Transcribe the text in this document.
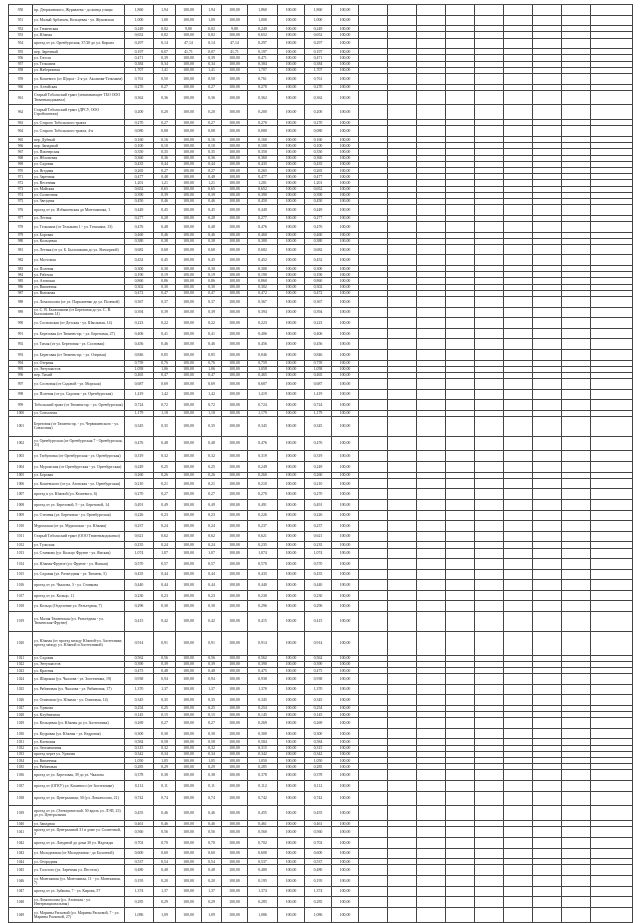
950	пр. Дзержинского, Журавлева - до конца улицы	1,860	1,94	100,00	1,94	100,00	1,860	100,00	1,860	100,00									
951	ул. Малый Арбатьев, Кольцевая - ул. Жуковская	1,000	1,00	100,00	1,00	100,00	1,000	100,00	1,000	100,00									
952	ул. Тюменская	0,249	0,02	9,80	0,02	9,80	0,249	100,00	0,249	100,00									
953	ул. Южная	0,652	0,82	100,00	0,82	100,00	0,652	100,00	0,652	100,00									
954	проезд от ул. Оренбургская, 37/20 до ул. Кирова	0,297	0,14	47,14	0,14	47,14	0,297	100,00	0,297	100,00									
955	пер. Заречный	0,197	0,07	41,71	0,07	41,71	0,197	100,00	0,197	100,00									
956	ул. Гоголя	0,471	0,39	100,00	0,39	100,00	0,471	100,00	0,471	100,00									
957	ул. Тельмана	0,384	0,34	100,00	0,34	100,00	0,384	100,00	0,384	100,00									
958	ул. Набережная	1,707	1,41	100,00	1,41	100,00	1,707	100,00	1,707	100,00									
959	ул. Кошевого (от Щорса - 2-я ул. Аксакова-Тельмана)	0,761	0,50	100,00	0,50	100,00	0,761	100,00	0,761	100,00									
960	ул. Алтайская	0,270	0,27	100,00	0,27	100,00	0,270	100,00	0,270	100,00									
961	Старый Тобольский тракт (затягивающее ТБО ООО Тюменьводоканал)	0,362	0,36	100,00	0,36	100,00	0,362	100,00	0,362	100,00									
962	Старый Тобольский тракт (ДРСУ, ООО Строймонтаж)	0,200	0,20	100,00	0,20	100,00	0,200	100,00	0,200	100,00									
963	ул. Старого Тобольского тракта	0,270	0,27	100,00	0,27	100,00	0,270	100,00	0,270	100,00									
964	ул. Старого Тобольского тракта, 4-я	0,080	0,08	100,00	0,08	100,00	0,080	100,00	0,080	100,00									
965	пер. Дубный	0,160	0,16	100,00	0,16	100,00	0,160	100,00	0,160	100,00									
966	пер. Западный	0,100	0,10	100,00	0,10	100,00	0,100	100,00	0,100	100,00									
967	ул. Пионерская	0,350	0,35	100,00	0,35	100,00	0,350	100,00	0,350	100,00									
968	ул. Яблоневая	0,360	0,36	100,00	0,36	100,00	0,360	100,00	0,360	100,00									
969	ул. Садовая	0,435	0,44	100,00	0,44	100,00	0,435	100,00	0,435	100,00									
970	ул. Ягодная	0,265	0,27	100,00	0,27	100,00	0,265	100,00	0,265	100,00									
971	ул. Заречная	0,477	0,48	100,00	0,48	100,00	0,477	100,00	0,477	100,00									
972	ул. Весенняя	1,201	1,21	100,00	1,21	100,00	1,201	100,00	1,201	100,00									
973	ул. Майская	0,652	0,65	100,00	0,65	100,00	0,652	100,00	0,652	100,00									
974	ул. Солнечная	0,390	0,39	100,00	0,39	100,00	0,390	100,00	0,390	100,00									
975	ул. Звездная	0,450	0,46	100,00	0,46	100,00	0,450	100,00	0,450	100,00									
976	проезд от ул. Избышевская до Монтажника, 1	0,449	0,45	100,00	0,45	100,00	0,449	100,00	0,449	100,00									
977	ул. Лесная	0,277	0,28	100,00	0,28	100,00	0,277	100,00	0,277	100,00									
978	ул. Тельмана (от Тельмана 1 - ул. Тельмана, 13)	0,476	0,48	100,00	0,48	100,00	0,476	100,00	0,476	100,00									
979	ул. Боровая	0,460	0,46	100,00	0,46	100,00	0,460	100,00	0,460	100,00									
980	ул. Кольцевая	0,380	0,38	100,00	0,38	100,00	0,380	100,00	0,380	100,00									
981	ул. Летняя (от ул. Б. Былошкина до ул. Ясноорной)	0,682	0,68	100,00	0,68	100,00	0,682	100,00	0,682	100,00									
982	ул. Мостовая	0,452	0,45	100,00	0,45	100,00	0,452	100,00	0,452	100,00									
983	ул. Полевая	0,300	0,30	100,00	0,30	100,00	0,300	100,00	0,300	100,00									
984	ул. Рабочая	0,190	0,19	100,00	0,19	100,00	0,190	100,00	0,190	100,00									
985	ул. Азовская	0,860	0,86	100,00	0,86	100,00	0,860	100,00	0,860	100,00									
986	ул. Вишневая	0,302	0,30	100,00	0,30	100,00	0,302	100,00	0,302	100,00									
987	ул. Вьюжная	0,472	0,47	100,00	0,47	100,00	0,472	100,00	0,472	100,00									
988	ул. Ломоносова (от ул. Пархоменко до ул. Полевой)	0,367	0,37	100,00	0,37	100,00	0,367	100,00	0,367	100,00									
989	ул. С. В. Былошкина (от Березовая до ул. С. В. Былошкина 14)	0,394	0,39	100,00	0,39	100,00	0,394	100,00	0,394	100,00									
990	ул. Сосновская (от Детская - ул. Школьная, 14)	0,223	0,22	100,00	0,22	100,00	0,223	100,00	0,223	100,00									
991	ул. Березовая (от Тюмень-пр. - ул. Березовая, 27)	0,406	0,41	100,00	0,41	100,00	0,406	100,00	0,406	100,00									
992	ул. Тихая (от ул. Березовая - ул. Сосновая)	0,456	0,46	100,00	0,46	100,00	0,456	100,00	0,456	100,00									
993	ул. Береговая (от Тюмень-пр. - ул. Озерная)	0,846	0,85	100,00	0,85	100,00	0,846	100,00	0,846	100,00									
994	ул. Озерная	0,759	0,76	100,00	0,76	100,00	0,759	100,00	0,759	100,00									
995	ул. Энтузиастов	1,058	1,06	100,00	1,06	100,00	1,058	100,00	1,058	100,00									
996	пер. Тихий	0,465	0,47	100,00	0,47	100,00	0,465	100,00	0,465	100,00									
997	ул. Сосновая (от Садовой - ул. Морская)	0,687	0,69	100,00	0,69	100,00	0,687	100,00	0,687	100,00									
998	ул. Полевая (от ул. Садовая - ул. Оренбургская)	1,419	1,42	100,00	1,42	100,00	1,419	100,00	1,419	100,00									
999	Тобольский тракт (от Тюмень-пр. - ул. Оренбургская)	0,724	0,72	100,00	0,72	100,00	0,724	100,00	0,724	100,00									
1000	ул. Совхозная	1,179	1,18	100,00	1,18	100,00	1,179	100,00	1,179	100,00									
1001	Березовая (от Тюмень-пр. - ул. Червишевского - ул. Совхозная)	0,345	0,35	100,00	0,35	100,00	0,345	100,00	0,345	100,00									
1002	ул. Оренбургская (от Оренбургская 7 - Оренбургская, 21)	0,476	0,48	100,00	0,48	100,00	0,476	100,00	0,476	100,00									
1003	ул. Тюбуловка (от Оренбургская - ул. Оренбургская)	0,319	0,32	100,00	0,32	100,00	0,319	100,00	0,319	100,00									
1004	ул. Муромская (от Оренбургская - ул. Оренбургская)	0,249	0,25	100,00	0,25	100,00	0,249	100,00	0,249	100,00									
1005	ул. Боровая	0,260	0,26	100,00	0,26	100,00	0,260	100,00	0,260	100,00									
1006	ул. Кошевского (от ул. Азовская - ул. Оренбургская)	0,210	0,21	100,00	0,21	100,00	0,210	100,00	0,210	100,00									
1007	проезд к ул. Южной (ул. Кошевого, 6)	0,270	0,27	100,00	0,27	100,00	0,270	100,00	0,270	100,00									
1008	проезд от ул. Березовой, 5 - ул. Березовой, 14	0,491	0,49	100,00	0,49	100,00	0,491	100,00	0,491	100,00									
1009	ул. Степная (ул. Березовая - ул. Оренбургская)	0,226	0,23	100,00	0,23	100,00	0,226	100,00	0,226	100,00									
1010	Муромская (от ул. Муромская - ул. Южная)	0,237	0,24	100,00	0,24	100,00	0,237	100,00	0,237	100,00									
1011	Старый Тобольский тракт (ООО Тюменьводоканал)	0,621	0,62	100,00	0,62	100,00	0,621	100,00	0,621	100,00									
1012	ул. Тульская	0,235	0,24	100,00	0,24	100,00	0,235	100,00	0,235	100,00									
1013	ул. Станкова (ул. Кольцо Фрунзе - ул. Ямская)	1,074	1,07	100,00	1,07	100,00	1,074	100,00	1,074	100,00									
1014	ул. Южная-Фрунзе (ул. Фрунзе - ул. Ямская)	0,570	0,57	100,00	0,57	100,00	0,570	100,00	0,570	100,00									
1015	ул. Садовая (ул. Разъездная - ул. Тюмень, 5)	0,435	0,44	100,00	0,44	100,00	0,435	100,00	0,435	100,00									
1016	проезд от ул. Чкалова, 3 - ул. Станкова	0,440	0,44	100,00	0,44	100,00	0,440	100,00	0,440	100,00									
1017	проезд от ул. Кольцо, 11	0,230	0,23	100,00	0,23	100,00	0,230	100,00	0,230	100,00									
1018	ул. Кольцо (Отделение ул. Разъездная, 7)	0,296	0,30	100,00	0,30	100,00	0,296	100,00	0,296	100,00									
1019	ул. Малая Тюменская (ул. Разъездная - ул. Тюменская-Фрунзе)	0,415	0,42	100,00	0,42	100,00	0,415	100,00	0,415	100,00									
1020	ул. Южная (от проезд между Южной-ул. Зоотехнике, проезд между ул. Южной и Зоотехникой)	0,914	0,91	100,00	0,91	100,00	0,914	100,00	0,914	100,00									
1021	ул. Садовая	0,562	0,56	100,00	0,56	100,00	0,562	100,00	0,562	100,00									
1022	ул. Энтузиастов	0,390	0,39	100,00	0,39	100,00	0,390	100,00	0,390	100,00									
1023	ул. Красная	0,475	0,48	100,00	0,48	100,00	0,475	100,00	0,475	100,00									
1024	ул. Широкая (ул. Чкалова - ул. Зоотехника, 19)	0,938	0,94	100,00	0,94	100,00	0,938	100,00	0,938	100,00									
1025	ул. Рябиновая (ул. Чкалова - ул. Рябиновая, 17)	1,370	1,37	100,00	1,37	100,00	1,370	100,00	1,370	100,00									
1026	ул. Осиновая (ул. Южная - ул. Осиновая, 14)	0,345	0,35	100,00	0,35	100,00	0,345	100,00	0,345	100,00									
1027	ул. Удачная	0,254	0,25	100,00	0,25	100,00	0,254	100,00	0,254	100,00									
1028	ул. Клубничная	0,145	0,15	100,00	0,15	100,00	0,145	100,00	0,145	100,00									
1029	ул. Кольцевая (ул. Южная до ул. Зоотехника)	0,269	0,27	100,00	0,27	100,00	0,269	100,00	0,269	100,00									
1030	ул. Кедровая (ул. Южная - ул. Кедровая)	0,300	0,30	100,00	0,30	100,00	0,300	100,00	0,300	100,00									
1031	ул. Кленовая	0,584	0,58	100,00	0,58	100,00	0,584	100,00	0,584	100,00									
1032	ул. Земляничная	0,315	0,32	100,00	0,32	100,00	0,315	100,00	0,315	100,00									
1033	проезд через ул. Удачная	0,342	0,34	100,00	0,34	100,00	0,342	100,00	0,342	100,00									
1034	ул. Вишневая	1,050	1,05	100,00	1,05	100,00	1,050	100,00	1,050	100,00									
1035	ул. Рябиновая	0,285	0,29	100,00	0,29	100,00	0,285	100,00	0,285	100,00									
1036	проезд от ул. Березовая, 39 до ул. Чкалова	0,378	0,38	100,00	0,38	100,00	0,378	100,00	0,378	100,00									
1037	проезд от (ОГКУ) ул. Кошевого (от Зоотехнике)	0,112	0,11	100,00	0,11	100,00	0,112	100,00	0,112	100,00									
1038	проезд от ул. Центральная, 30 (ул. Ломоносова, 21)	0,742	0,74	100,00	0,74	100,00	0,742	100,00	0,742	100,00									
1039	проезд от ул. (Электрической, 50 вдоль ул. ЛЭП, 23) до ул. Центральная	0,455	0,46	100,00	0,46	100,00	0,455	100,00	0,455	100,00									
1040	ул. Западная	0,461	0,46	100,00	0,46	100,00	0,461	100,00	0,461	100,00									
1041	проезд от ул. Центральной 31 в доме ул. Солнечной, 3	0,560	0,56	100,00	0,56	100,00	0,560	100,00	0,560	100,00									
1042	проезд от ул. Лазурной до дома 30 ул. Надежды	0,702	0,70	100,00	0,70	100,00	0,702	100,00	0,702	100,00									
1043	ул. Молодежная (от Молодежная - до Болотной)	0,600	0,60	100,00	0,60	100,00	0,600	100,00	0,600	100,00									
1044	ул. Огородная	0,537	0,54	100,00	0,54	100,00	0,537	100,00	0,537	100,00									
1045	ул. Толстого (ул. Заречная ул. Пестель)	0,480	0,48	100,00	0,48	100,00	0,480	100,00	0,480	100,00									
1046	ул. Монтажная (ул. Монтажная, 11 - ул. Монтажная, 7)	0,195	0,20	100,00	0,20	100,00	0,195	100,00	0,195	100,00									
1047	проезд от ул. Зуйкова, 7 - ул. Кирова, 57	1,374	1,37	100,00	1,37	100,00	1,374	100,00	1,374	100,00									
1048	ул. Ломоносова (ул. Азовская - ул. Интернациональная)	0,285	0,29	100,00	0,29	100,00	0,285	100,00	0,285	100,00									
1049	ул. Марины Расковой (ул. Марины Расковой, 7 - ул. Марины Расковой, 27)	1,086	1,09	100,00	1,09	100,00	1,086	100,00	1,086	100,00									
